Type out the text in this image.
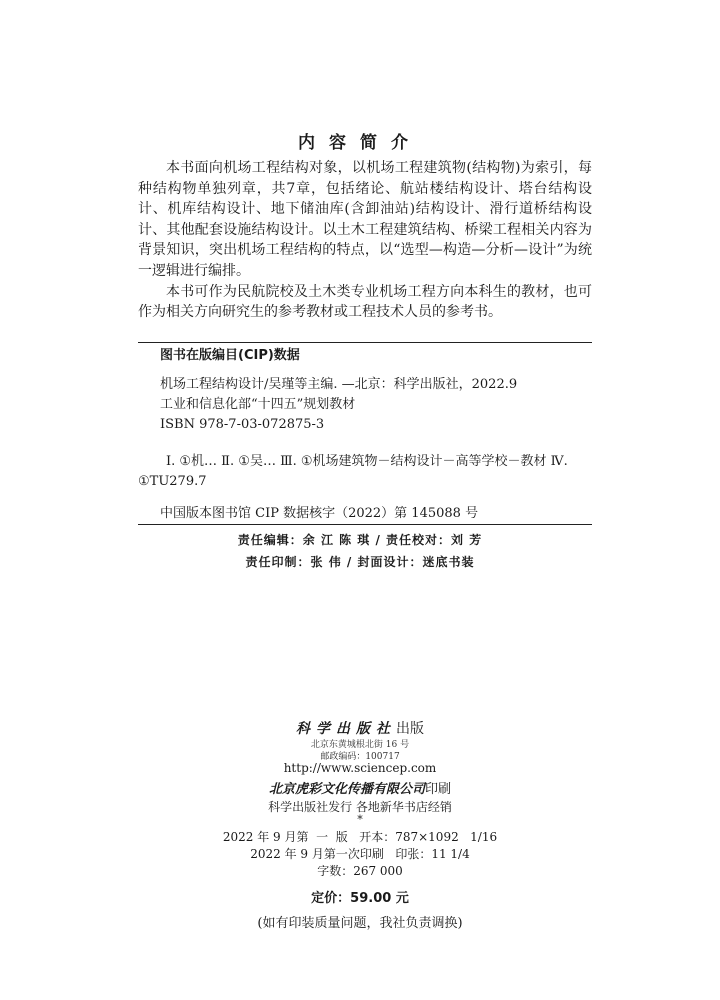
内容简介

本书面向机场工程结构对象，以机场工程建筑物(结构物)为索引，每种结构物单独列章，共7章，包括绪论、航站楼结构设计、塔台结构设计、机库结构设计、地下储油库(含卸油站)结构设计、滑行道桥结构设计、其他配套设施结构设计。以土木工程建筑结构、桥梁工程相关内容为背景知识，突出机场工程结构的特点，以“选型—构造—分析—设计”为统一逻辑进行编排。

本书可作为民航院校及土木类专业机场工程方向本科生的教材，也可作为相关方向研究生的参考教材或工程技术人员的参考书。

图书在版编目(CIP)数据

机场工程结构设计/吴瑾等主编. —北京：科学出版社，2022.9

工业和信息化部“十四五”规划教材

ISBN 978-7-03-072875-3

Ⅰ. ①机… Ⅱ. ①吴… Ⅲ. ①机场建筑物－结构设计－高等学校－教材 Ⅳ. ①TU279.7
中国版本图书馆 CIP 数据核字（2022）第 145088 号
责任编辑：余 江 陈 琪 / 责任校对：刘 芳
责任印制：张 伟 / 封面设计：迷底书装
科学出版社出版
北京东黄城根北街 16 号
邮政编码：100717
http://www.sciencep.com
北京虎彩文化传播有限公司印刷
科学出版社发行 各地新华书店经销
*
2022 年 9 月第  一  版   开本：787×1092   1/16
2022 年 9 月第一次印刷   印张：11 1/4
字数：267 000
定价：59.00 元
(如有印装质量问题，我社负责调换)
